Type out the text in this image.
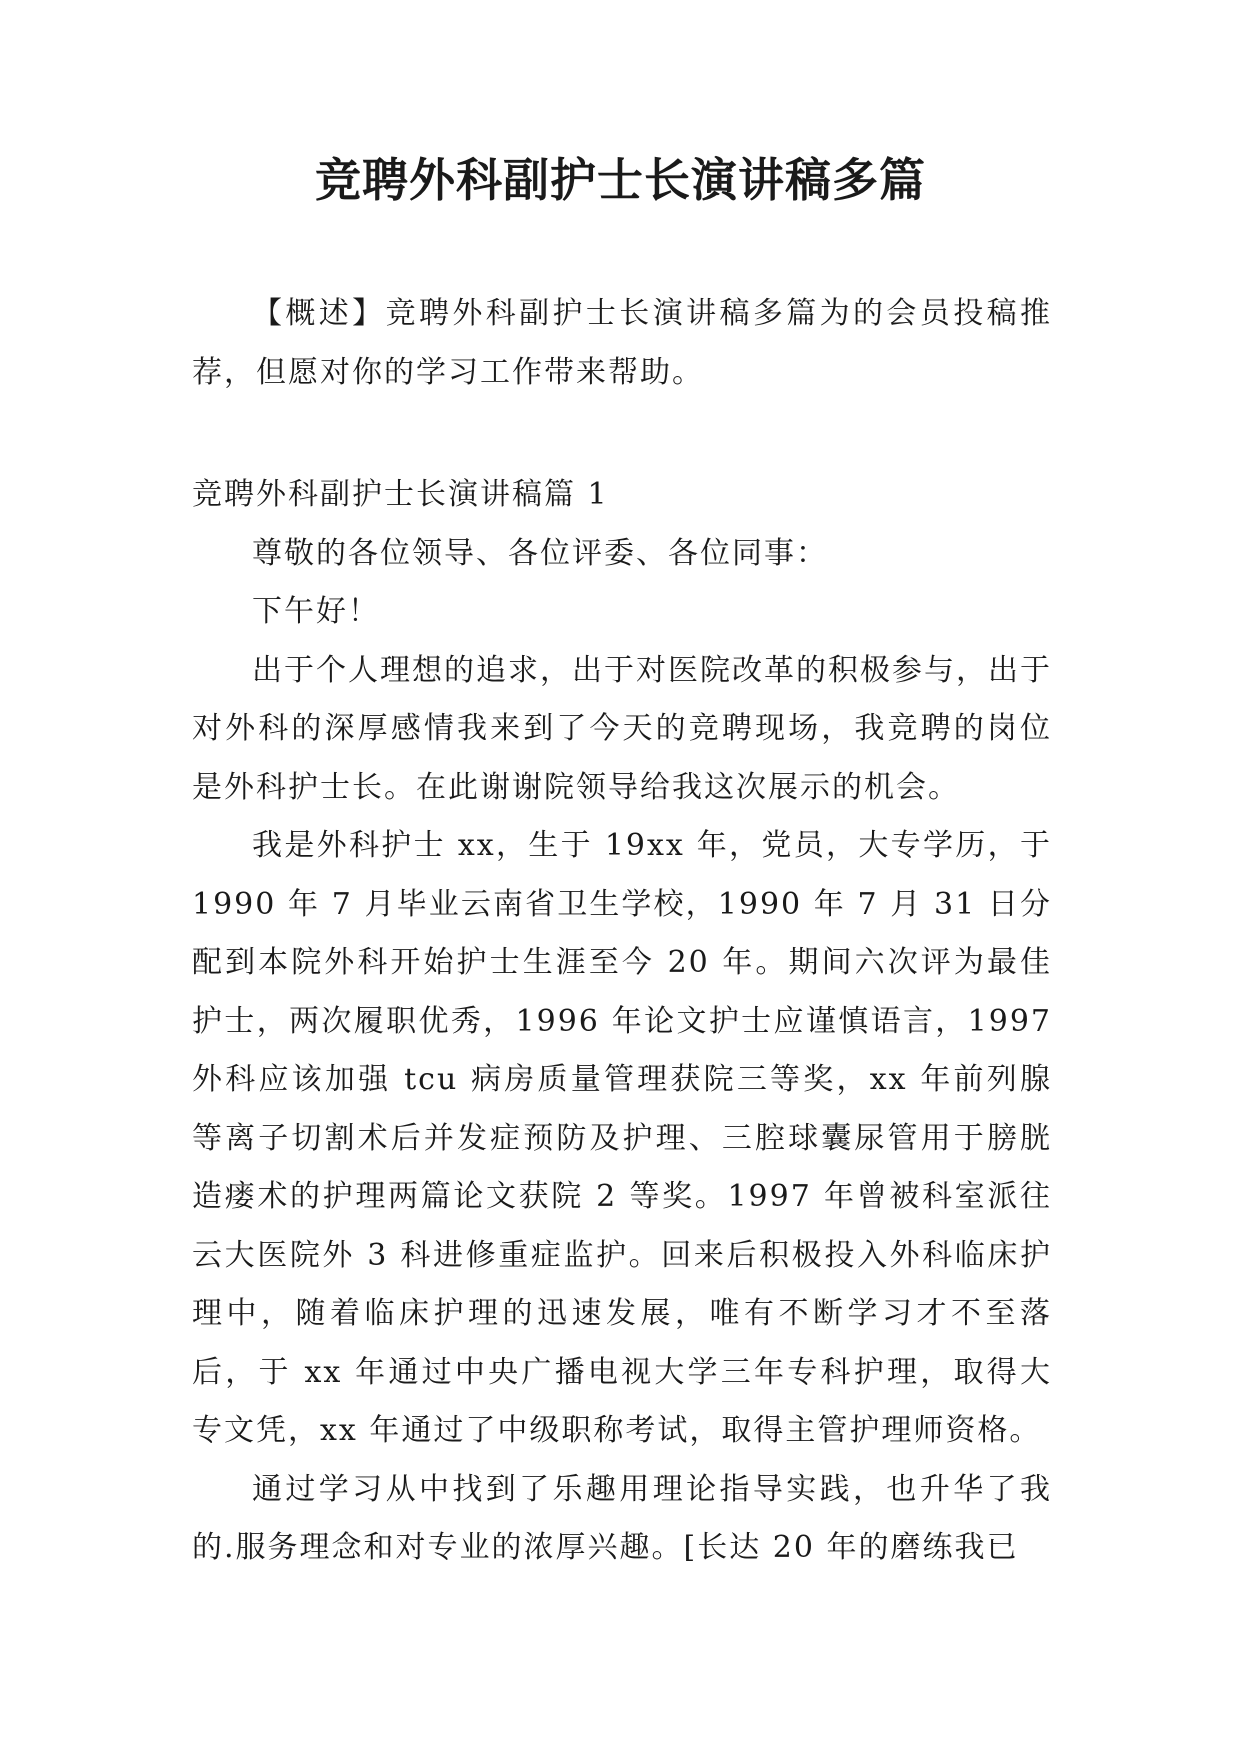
竞聘外科副护士长演讲稿多篇

【概述】竞聘外科副护士长演讲稿多篇为的会员投稿推荐，但愿对你的学习工作带来帮助。

竞聘外科副护士长演讲稿篇 1

尊敬的各位领导、各位评委、各位同事：

下午好！

出于个人理想的追求，出于对医院改革的积极参与，出于对外科的深厚感情我来到了今天的竞聘现场，我竞聘的岗位是外科护士长。在此谢谢院领导给我这次展示的机会。

我是外科护士 xx，生于 19xx 年，党员，大专学历，于 1990 年 7 月毕业云南省卫生学校，1990 年 7 月 31 日分配到本院外科开始护士生涯至今 20 年。期间六次评为最佳护士，两次履职优秀，1996 年论文护士应谨慎语言，1997 外科应该加强 tcu 病房质量管理获院三等奖，xx 年前列腺等离子切割术后并发症预防及护理、三腔球囊尿管用于膀胱造瘘术的护理两篇论文获院 2 等奖。1997 年曾被科室派往云大医院外 3 科进修重症监护。回来后积极投入外科临床护理中，随着临床护理的迅速发展，唯有不断学习才不至落后，于 xx 年通过中央广播电视大学三年专科护理，取得大专文凭，xx 年通过了中级职称考试，取得主管护理师资格。

通过学习从中找到了乐趣用理论指导实践，也升华了我的.服务理念和对专业的浓厚兴趣。[长达 20 年的磨练我已
